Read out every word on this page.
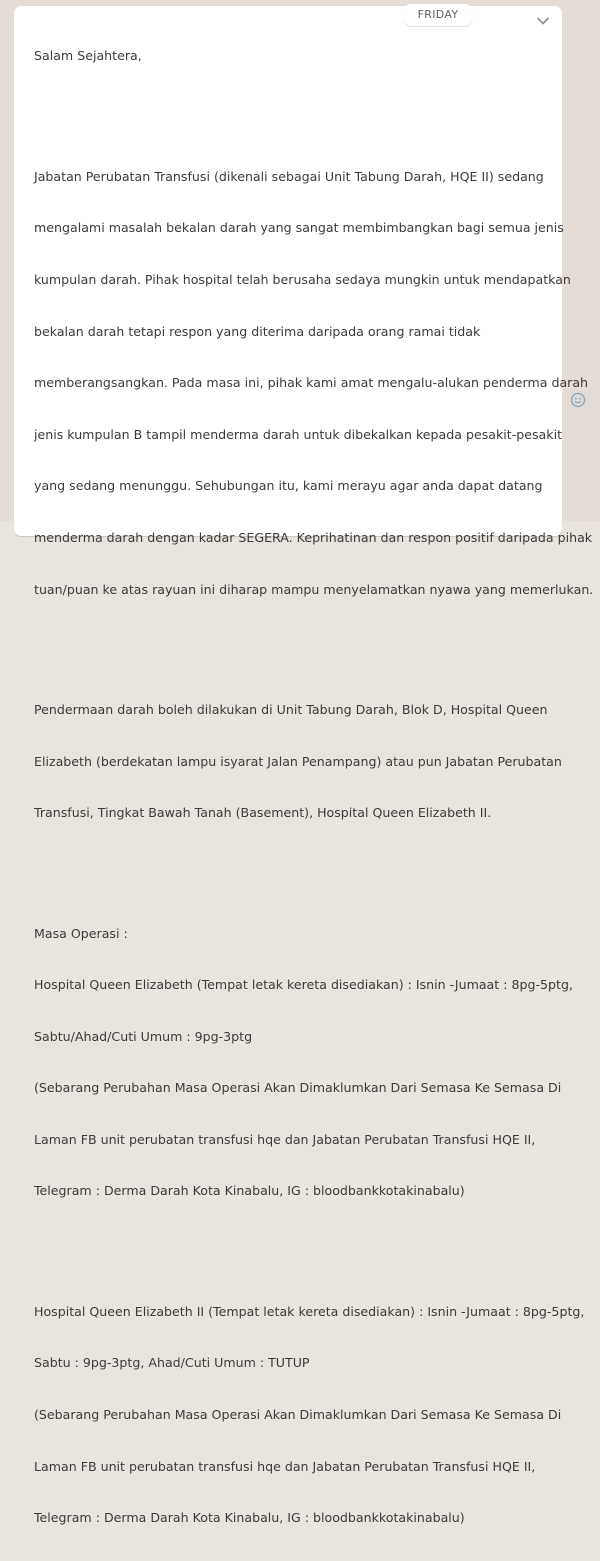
FRIDAY

Salam Sejahtera,

Jabatan Perubatan Transfusi (dikenali sebagai Unit Tabung Darah, HQE II) sedang

mengalami masalah bekalan darah yang sangat membimbangkan bagi semua jenis

kumpulan darah. Pihak hospital telah berusaha sedaya mungkin untuk mendapatkan

bekalan darah tetapi respon yang diterima daripada orang ramai tidak

memberangsangkan. Pada masa ini, pihak kami amat mengalu-alukan penderma darah

jenis kumpulan B tampil menderma darah untuk dibekalkan kepada pesakit-pesakit

yang sedang menunggu. Sehubungan itu, kami merayu agar anda dapat datang

menderma darah dengan kadar SEGERA. Keprihatinan dan respon positif daripada pihak

tuan/puan ke atas rayuan ini diharap mampu menyelamatkan nyawa yang memerlukan.

Pendermaan darah boleh dilakukan di Unit Tabung Darah, Blok D, Hospital Queen

Elizabeth (berdekatan lampu isyarat Jalan Penampang) atau pun Jabatan Perubatan

Transfusi, Tingkat Bawah Tanah (Basement), Hospital Queen Elizabeth II.

Masa Operasi :

Hospital Queen Elizabeth (Tempat letak kereta disediakan) : Isnin -Jumaat : 8pg-5ptg,

Sabtu/Ahad/Cuti Umum : 9pg-3ptg

(Sebarang Perubahan Masa Operasi Akan Dimaklumkan Dari Semasa Ke Semasa Di

Laman FB unit perubatan transfusi hqe dan Jabatan Perubatan Transfusi HQE II,

Telegram : Derma Darah Kota Kinabalu, IG : bloodbankkotakinabalu)

Hospital Queen Elizabeth II (Tempat letak kereta disediakan) : Isnin -Jumaat : 8pg-5ptg,

Sabtu : 9pg-3ptg, Ahad/Cuti Umum : TUTUP

(Sebarang Perubahan Masa Operasi Akan Dimaklumkan Dari Semasa Ke Semasa Di

Laman FB unit perubatan transfusi hqe dan Jabatan Perubatan Transfusi HQE II,

Telegram : Derma Darah Kota Kinabalu, IG : bloodbankkotakinabalu)
